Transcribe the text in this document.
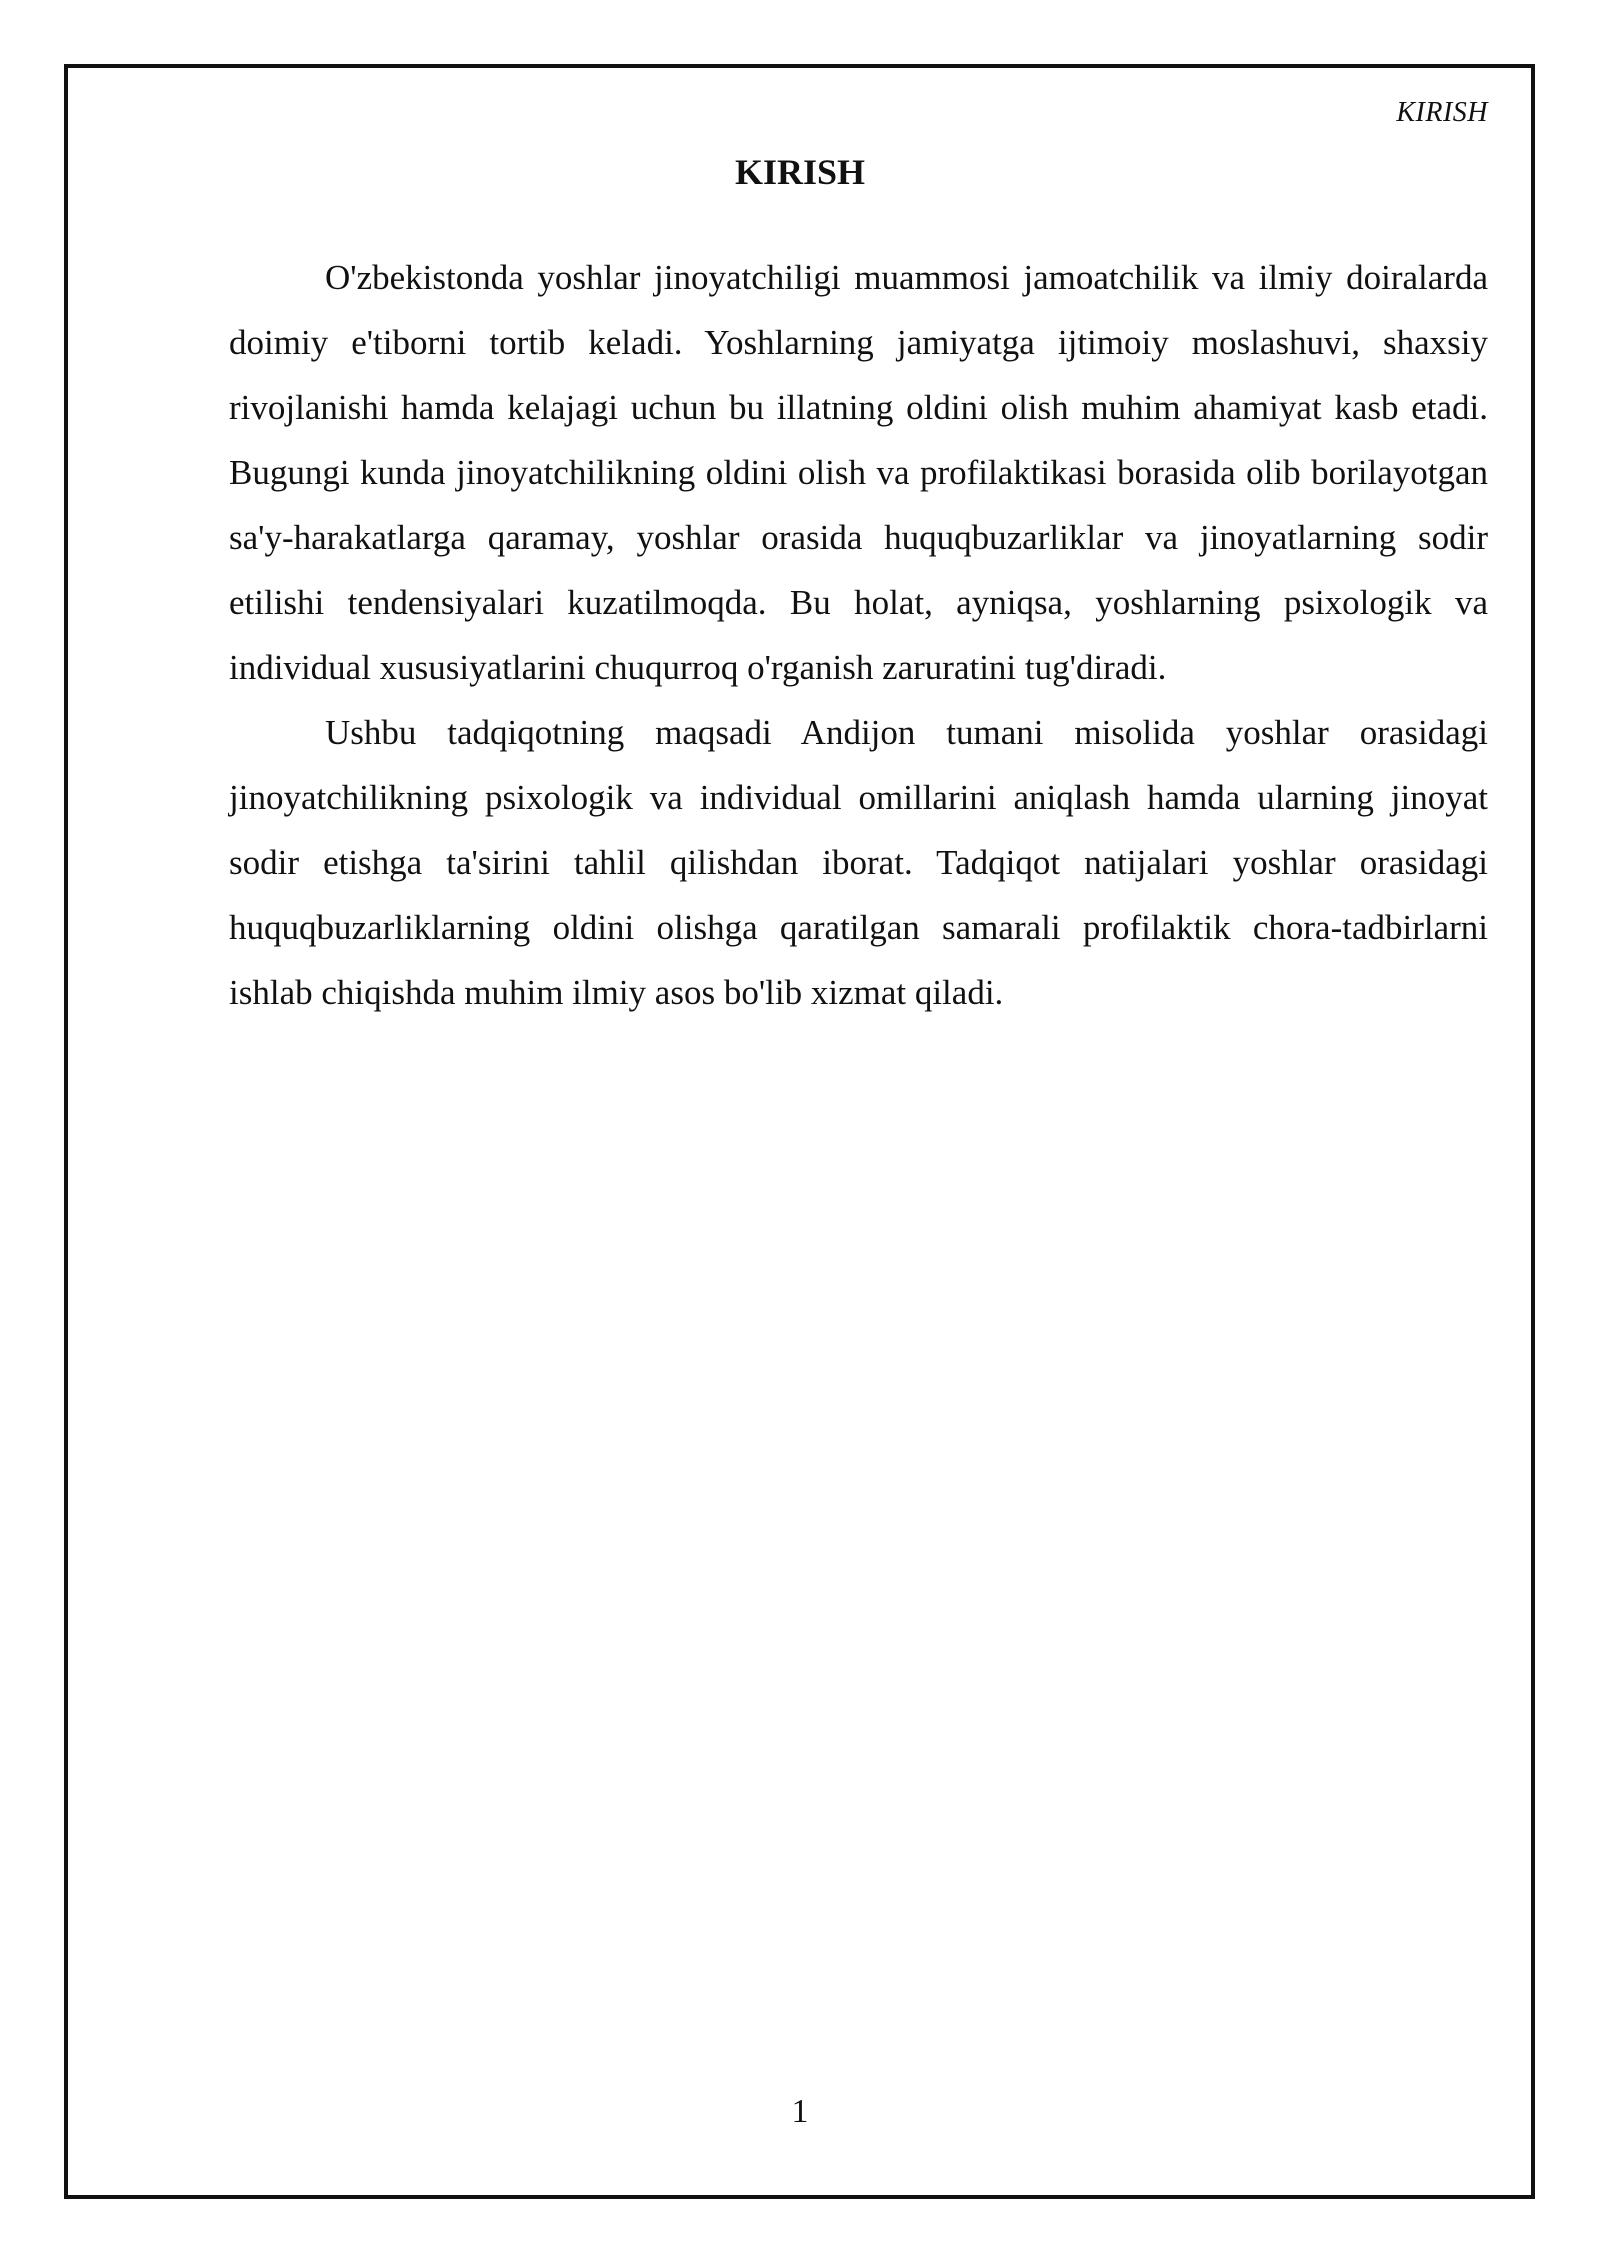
KIRISH
KIRISH

O'zbekistonda yoshlar jinoyatchiligi muammosi jamoatchilik va ilmiy doiralarda doimiy e'tiborni tortib keladi. Yoshlarning jamiyatga ijtimoiy moslashuvi, shaxsiy rivojlanishi hamda kelajagi uchun bu illatning oldini olish muhim ahamiyat kasb etadi. Bugungi kunda jinoyatchilikning oldini olish va profilaktikasi borasida olib borilayotgan sa'y-harakatlarga qaramay, yoshlar orasida huquqbuzarliklar va jinoyatlarning sodir etilishi tendensiyalari kuzatilmoqda. Bu holat, ayniqsa, yoshlarning psixologik va individual xususiyatlarini chuqurroq o'rganish zaruratini tug'diradi.

Ushbu tadqiqotning maqsadi Andijon tumani misolida yoshlar orasidagi jinoyatchilikning psixologik va individual omillarini aniqlash hamda ularning jinoyat sodir etishga ta'sirini tahlil qilishdan iborat. Tadqiqot natijalari yoshlar orasidagi huquqbuzarliklarning oldini olishga qaratilgan samarali profilaktik chora-tadbirlarni ishlab chiqishda muhim ilmiy asos bo'lib xizmat qiladi.

1
